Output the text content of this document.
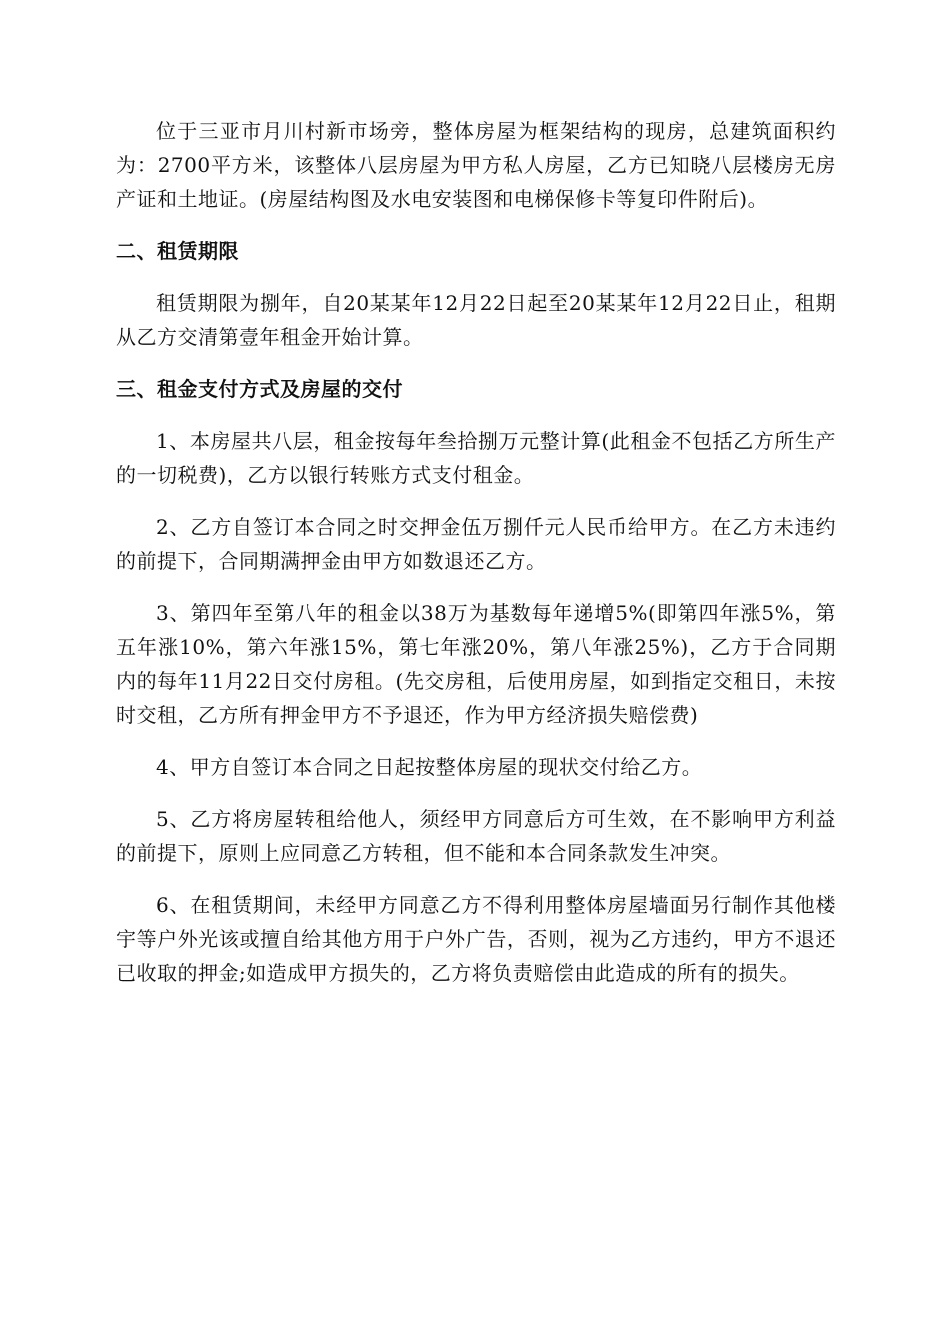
位于三亚市月川村新市场旁，整体房屋为框架结构的现房，总建筑面积约为：2700平方米，该整体八层房屋为甲方私人房屋，乙方已知晓八层楼房无房产证和土地证。(房屋结构图及水电安装图和电梯保修卡等复印件附后)。

二、租赁期限

租赁期限为捌年，自20某某年12月22日起至20某某年12月22日止，租期从乙方交清第壹年租金开始计算。

三、租金支付方式及房屋的交付

1、本房屋共八层，租金按每年叁拾捌万元整计算(此租金不包括乙方所生产的一切税费)，乙方以银行转账方式支付租金。

2、乙方自签订本合同之时交押金伍万捌仟元人民币给甲方。在乙方未违约的前提下，合同期满押金由甲方如数退还乙方。

3、第四年至第八年的租金以38万为基数每年递增5%(即第四年涨5%，第五年涨10%，第六年涨15%，第七年涨20%，第八年涨25%)，乙方于合同期内的每年11月22日交付房租。(先交房租，后使用房屋，如到指定交租日，未按时交租，乙方所有押金甲方不予退还，作为甲方经济损失赔偿费)

4、甲方自签订本合同之日起按整体房屋的现状交付给乙方。

5、乙方将房屋转租给他人，须经甲方同意后方可生效，在不影响甲方利益的前提下，原则上应同意乙方转租，但不能和本合同条款发生冲突。

6、在租赁期间，未经甲方同意乙方不得利用整体房屋墙面另行制作其他楼宇等户外光该或擅自给其他方用于户外广告，否则，视为乙方违约，甲方不退还已收取的押金;如造成甲方损失的，乙方将负责赔偿由此造成的所有的损失。
